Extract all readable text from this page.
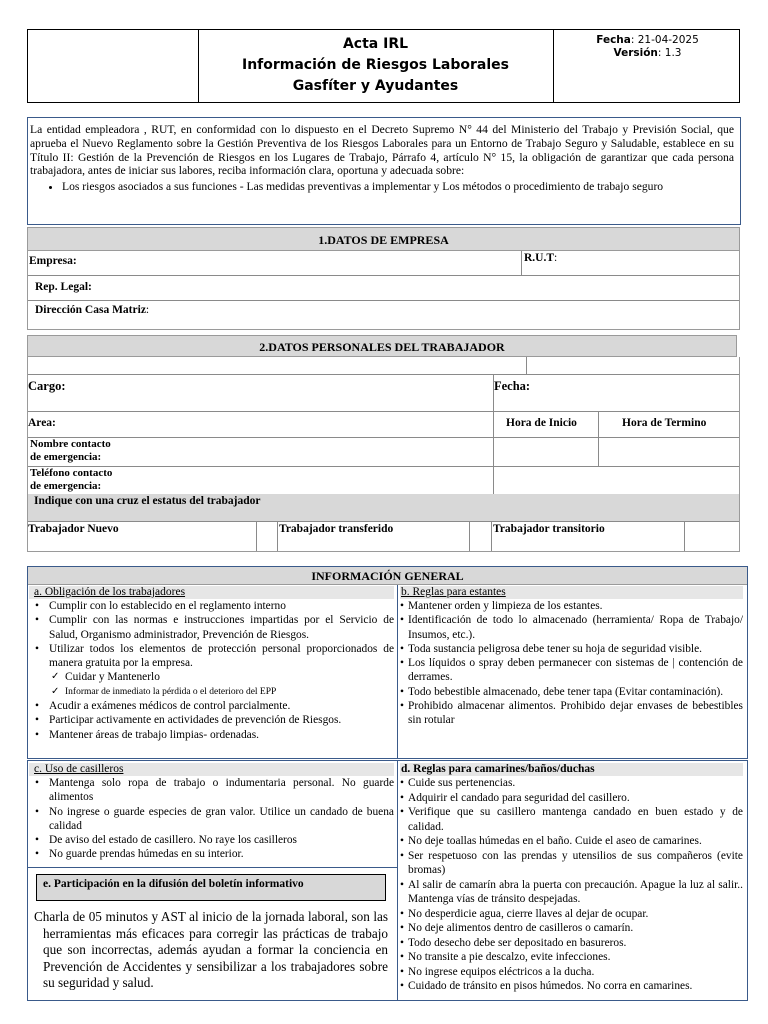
Acta IRL
Información de Riesgos Laborales
Gasfíter y Ayudantes
Fecha: 21-04-2025
Versión: 1.3

La entidad empleadora , RUT, en conformidad con lo dispuesto en el Decreto Supremo N° 44 del Ministerio del Trabajo y Previsión Social, que aprueba el Nuevo Reglamento sobre la Gestión Preventiva de los Riesgos Laborales para un Entorno de Trabajo Seguro y Saludable, establece en su Título II: Gestión de la Prevención de Riesgos en los Lugares de Trabajo, Párrafo 4, artículo N° 15, la obligación de garantizar que cada persona trabajadora, antes de iniciar sus labores, reciba información clara, oportuna y adecuada sobre:

• Los riesgos asociados a sus funciones - Las medidas preventivas a implementar y Los métodos o procedimiento de trabajo seguro
1.DATOS DE EMPRESA
Empresa:	R.U.T:
Rep. Legal:
Dirección Casa Matriz:
2.DATOS PERSONALES DEL TRABAJADOR
Cargo:	Fecha:
Area:	Hora de Inicio	Hora de Termino
Nombre contacto
de emergencia:
Teléfono contacto
de emergencia:
Indique con una cruz el estatus del trabajador
Trabajador Nuevo	Trabajador transferido	Trabajador transitorio
INFORMACIÓN GENERAL
a. Obligación de los trabajadores
• Cumplir con lo establecido en el reglamento interno
• Cumplir con las normas e instrucciones impartidas por el Servicio de Salud, Organismo administrador, Prevención de Riesgos.
• Utilizar todos los elementos de protección personal proporcionados de manera gratuita por la empresa.
✓ Cuidar y Mantenerlo
✓ Informar de inmediato la pérdida o el deterioro del EPP
• Acudir a exámenes médicos de control parcialmente.
• Participar activamente en actividades de prevención de Riesgos.
• Mantener áreas de trabajo limpias- ordenadas.
b. Reglas para estantes
• Mantener orden y limpieza de los estantes.
• Identificación de todo lo almacenado (herramienta/ Ropa de Trabajo/ Insumos, etc.).
• Toda sustancia peligrosa debe tener su hoja de seguridad visible.
• Los líquidos o spray deben permanecer con sistemas de | contención de derrames.
• Todo bebestible almacenado, debe tener tapa (Evitar contaminación).
• Prohibido almacenar alimentos. Prohibido dejar envases de bebestibles sin rotular
c. Uso de casilleros
• Mantenga solo ropa de trabajo o indumentaria personal. No guarde alimentos
• No ingrese o guarde especies de gran valor. Utilice un candado de buena calidad
• De aviso del estado de casillero. No raye los casilleros
• No guarde prendas húmedas en su interior.
e. Participación en la difusión del boletín informativo
Charla de 05 minutos y AST al inicio de la jornada laboral, son las herramientas más eficaces para corregir las prácticas de trabajo que son incorrectas, además ayudan a formar la conciencia en Prevención de Accidentes y sensibilizar a los trabajadores sobre su seguridad y salud.
d. Reglas para camarines/baños/duchas
• Cuide sus pertenencias.
• Adquirir el candado para seguridad del casillero.
• Verifique que su casillero mantenga candado en buen estado y de calidad.
• No deje toallas húmedas en el baño. Cuide el aseo de camarines.
• Ser respetuoso con las prendas y utensilios de sus compañeros (evite bromas)
• Al salir de camarín abra la puerta con precaución. Apague la luz al salir.. Mantenga vías de tránsito despejadas.
• No desperdicie agua, cierre llaves al dejar de ocupar.
• No deje alimentos dentro de casilleros o camarín.
• Todo desecho debe ser depositado en basureros.
• No transite a pie descalzo, evite infecciones.
• No ingrese equipos eléctricos a la ducha.
• Cuidado de tránsito en pisos húmedos. No corra en camarines.
